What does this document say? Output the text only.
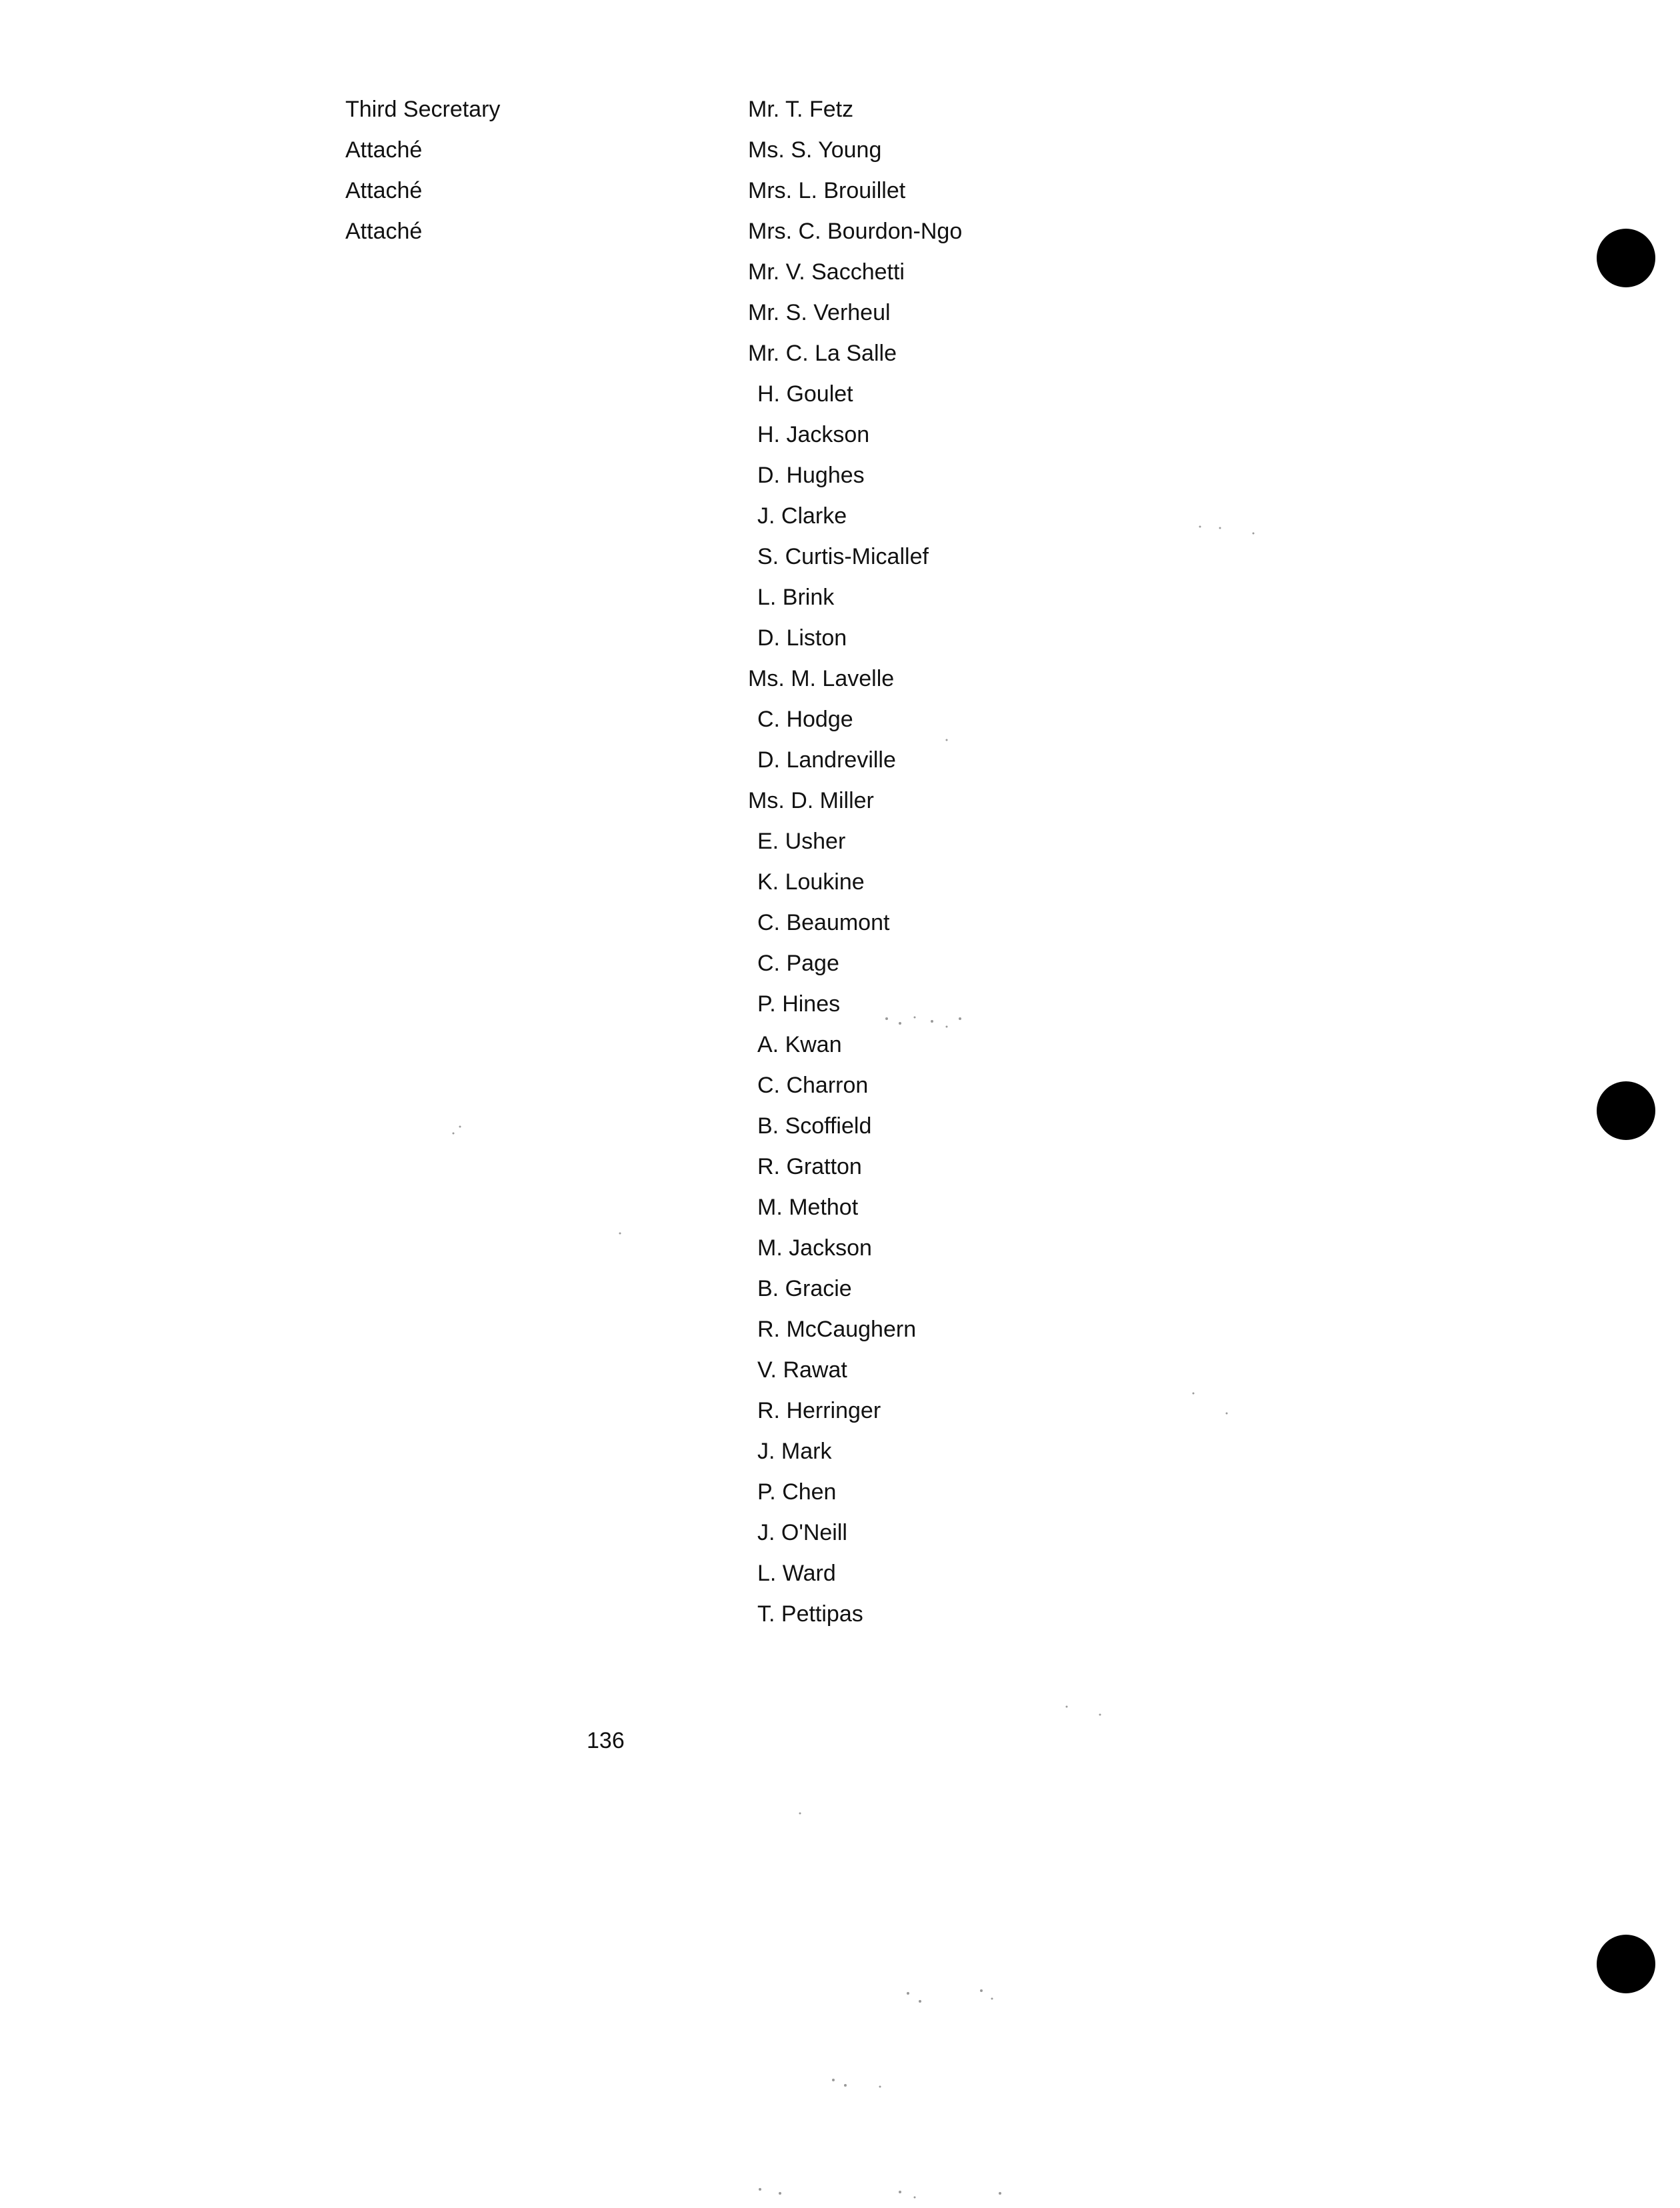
Third Secretary
Attaché
Attaché
Attaché
Mr. T. Fetz
Ms. S. Young
Mrs. L. Brouillet
Mrs. C. Bourdon-Ngo
Mr. V. Sacchetti
Mr. S. Verheul
Mr. C. La Salle
H. Goulet
H. Jackson
D. Hughes
J. Clarke
S. Curtis-Micallef
L. Brink
D. Liston
Ms. M. Lavelle
C. Hodge
D. Landreville
Ms. D. Miller
E. Usher
K. Loukine
C. Beaumont
C. Page
P. Hines
A. Kwan
C. Charron
B. Scoffield
R. Gratton
M. Methot
M. Jackson
B. Gracie
R. McCaughern
V. Rawat
R. Herringer
J. Mark
P. Chen
J. O'Neill
L. Ward
T. Pettipas
136
